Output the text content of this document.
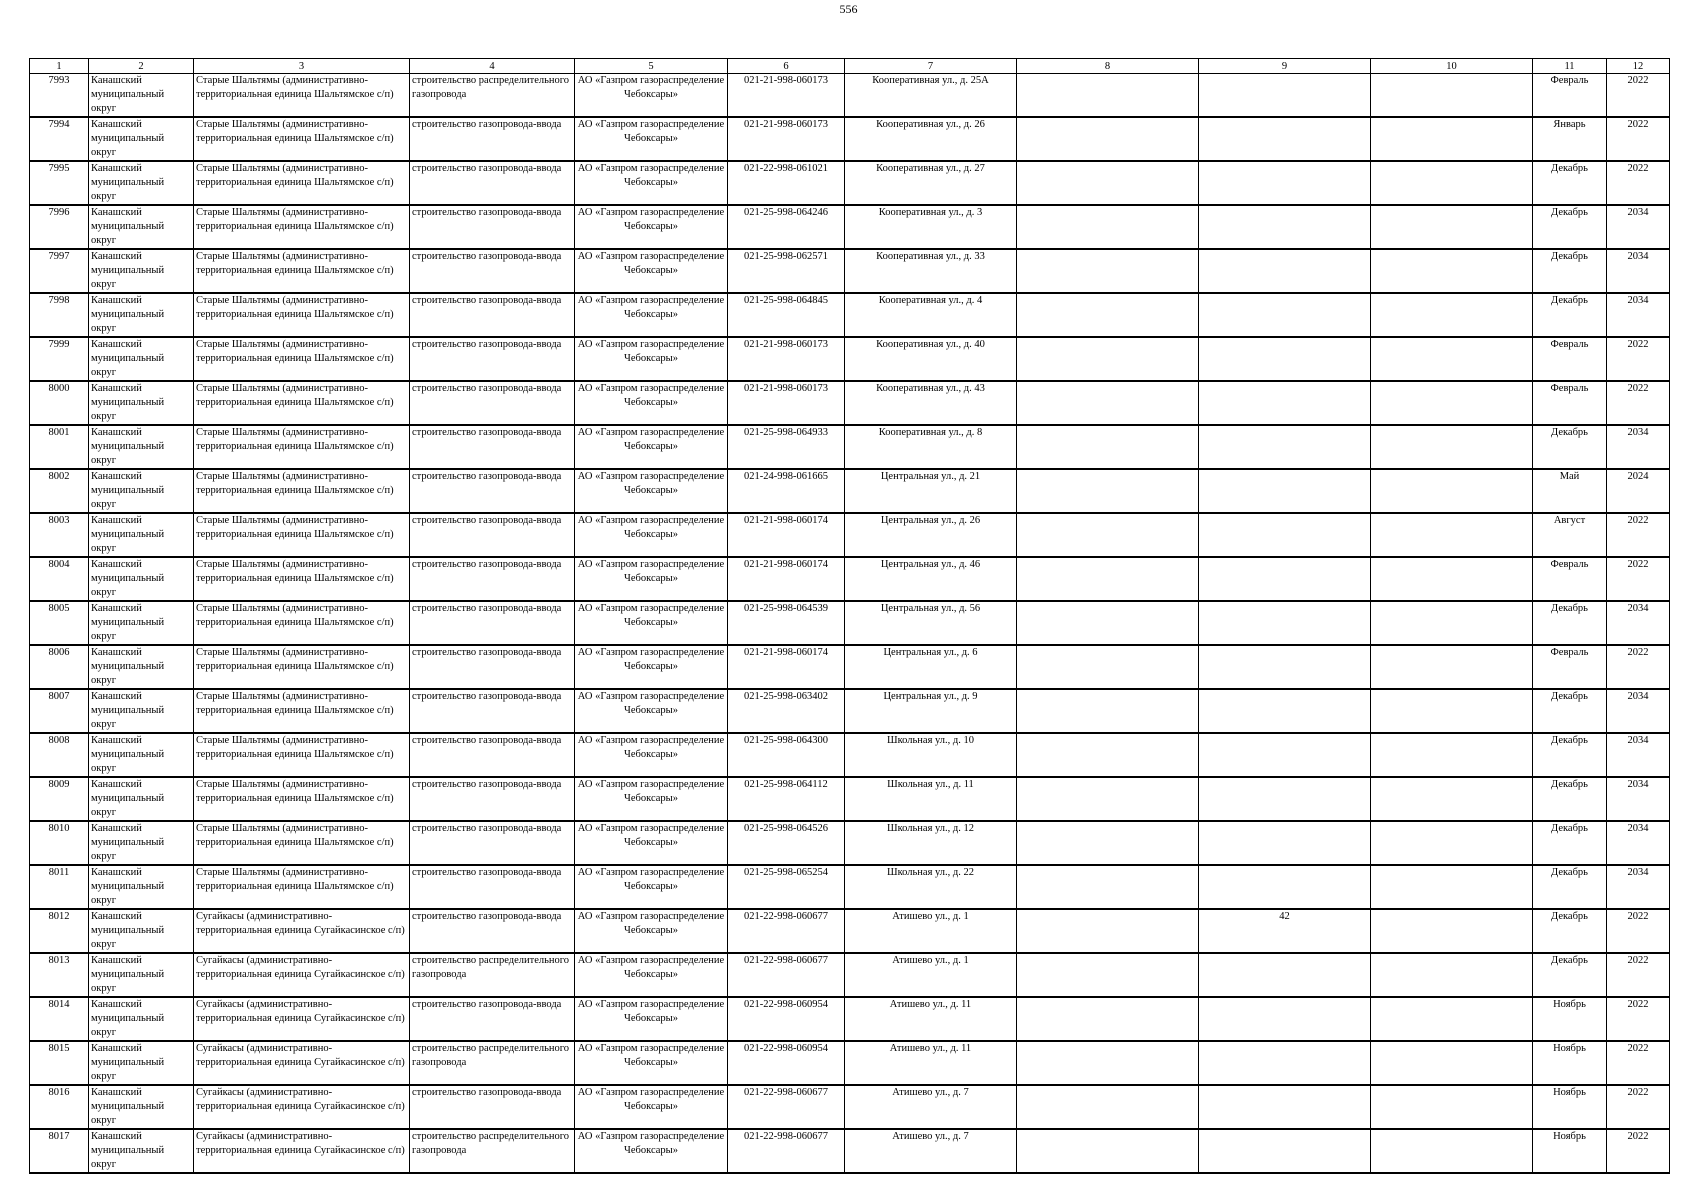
556
1	2	3	4	5	6	7	8	9	10	11	12
7993	Канашский муниципальный округ	Старые Шальтямы (административно-территориальная единица Шальтямское с/п)	строительство распределительного газопровода	АО «Газпром газораспределение Чебоксары»	021-21-998-060173	Кооперативная ул., д. 25А				Февраль	2022
7994	Канашский муниципальный округ	Старые Шальтямы (административно-территориальная единица Шальтямское с/п)	строительство газопровода-ввода	АО «Газпром газораспределение Чебоксары»	021-21-998-060173	Кооперативная ул., д. 26				Январь	2022
7995	Канашский муниципальный округ	Старые Шальтямы (административно-территориальная единица Шальтямское с/п)	строительство газопровода-ввода	АО «Газпром газораспределение Чебоксары»	021-22-998-061021	Кооперативная ул., д. 27				Декабрь	2022
7996	Канашский муниципальный округ	Старые Шальтямы (административно-территориальная единица Шальтямское с/п)	строительство газопровода-ввода	АО «Газпром газораспределение Чебоксары»	021-25-998-064246	Кооперативная ул., д. 3				Декабрь	2034
7997	Канашский муниципальный округ	Старые Шальтямы (административно-территориальная единица Шальтямское с/п)	строительство газопровода-ввода	АО «Газпром газораспределение Чебоксары»	021-25-998-062571	Кооперативная ул., д. 33				Декабрь	2034
7998	Канашский муниципальный округ	Старые Шальтямы (административно-территориальная единица Шальтямское с/п)	строительство газопровода-ввода	АО «Газпром газораспределение Чебоксары»	021-25-998-064845	Кооперативная ул., д. 4				Декабрь	2034
7999	Канашский муниципальный округ	Старые Шальтямы (административно-территориальная единица Шальтямское с/п)	строительство газопровода-ввода	АО «Газпром газораспределение Чебоксары»	021-21-998-060173	Кооперативная ул., д. 40				Февраль	2022
8000	Канашский муниципальный округ	Старые Шальтямы (административно-территориальная единица Шальтямское с/п)	строительство газопровода-ввода	АО «Газпром газораспределение Чебоксары»	021-21-998-060173	Кооперативная ул., д. 43				Февраль	2022
8001	Канашский муниципальный округ	Старые Шальтямы (административно-территориальная единица Шальтямское с/п)	строительство газопровода-ввода	АО «Газпром газораспределение Чебоксары»	021-25-998-064933	Кооперативная ул., д. 8				Декабрь	2034
8002	Канашский муниципальный округ	Старые Шальтямы (административно-территориальная единица Шальтямское с/п)	строительство газопровода-ввода	АО «Газпром газораспределение Чебоксары»	021-24-998-061665	Центральная ул., д. 21				Май	2024
8003	Канашский муниципальный округ	Старые Шальтямы (административно-территориальная единица Шальтямское с/п)	строительство газопровода-ввода	АО «Газпром газораспределение Чебоксары»	021-21-998-060174	Центральная ул., д. 26				Август	2022
8004	Канашский муниципальный округ	Старые Шальтямы (административно-территориальная единица Шальтямское с/п)	строительство газопровода-ввода	АО «Газпром газораспределение Чебоксары»	021-21-998-060174	Центральная ул., д. 46				Февраль	2022
8005	Канашский муниципальный округ	Старые Шальтямы (административно-территориальная единица Шальтямское с/п)	строительство газопровода-ввода	АО «Газпром газораспределение Чебоксары»	021-25-998-064539	Центральная ул., д. 56				Декабрь	2034
8006	Канашский муниципальный округ	Старые Шальтямы (административно-территориальная единица Шальтямское с/п)	строительство газопровода-ввода	АО «Газпром газораспределение Чебоксары»	021-21-998-060174	Центральная ул., д. 6				Февраль	2022
8007	Канашский муниципальный округ	Старые Шальтямы (административно-территориальная единица Шальтямское с/п)	строительство газопровода-ввода	АО «Газпром газораспределение Чебоксары»	021-25-998-063402	Центральная ул., д. 9				Декабрь	2034
8008	Канашский муниципальный округ	Старые Шальтямы (административно-территориальная единица Шальтямское с/п)	строительство газопровода-ввода	АО «Газпром газораспределение Чебоксары»	021-25-998-064300	Школьная ул., д. 10				Декабрь	2034
8009	Канашский муниципальный округ	Старые Шальтямы (административно-территориальная единица Шальтямское с/п)	строительство газопровода-ввода	АО «Газпром газораспределение Чебоксары»	021-25-998-064112	Школьная ул., д. 11				Декабрь	2034
8010	Канашский муниципальный округ	Старые Шальтямы (административно-территориальная единица Шальтямское с/п)	строительство газопровода-ввода	АО «Газпром газораспределение Чебоксары»	021-25-998-064526	Школьная ул., д. 12				Декабрь	2034
8011	Канашский муниципальный округ	Старые Шальтямы (административно-территориальная единица Шальтямское с/п)	строительство газопровода-ввода	АО «Газпром газораспределение Чебоксары»	021-25-998-065254	Школьная ул., д. 22				Декабрь	2034
8012	Канашский муниципальный округ	Сугайкасы (административно-территориальная единица Сугайкасинское с/п)	строительство газопровода-ввода	АО «Газпром газораспределение Чебоксары»	021-22-998-060677	Атишево ул., д. 1		42		Декабрь	2022
8013	Канашский муниципальный округ	Сугайкасы (административно-территориальная единица Сугайкасинское с/п)	строительство распределительного газопровода	АО «Газпром газораспределение Чебоксары»	021-22-998-060677	Атишево ул., д. 1				Декабрь	2022
8014	Канашский муниципальный округ	Сугайкасы (административно-территориальная единица Сугайкасинское с/п)	строительство газопровода-ввода	АО «Газпром газораспределение Чебоксары»	021-22-998-060954	Атишево ул., д. 11				Ноябрь	2022
8015	Канашский муниципальный округ	Сугайкасы (административно-территориальная единица Сугайкасинское с/п)	строительство распределительного газопровода	АО «Газпром газораспределение Чебоксары»	021-22-998-060954	Атишево ул., д. 11				Ноябрь	2022
8016	Канашский муниципальный округ	Сугайкасы (административно-территориальная единица Сугайкасинское с/п)	строительство газопровода-ввода	АО «Газпром газораспределение Чебоксары»	021-22-998-060677	Атишево ул., д. 7				Ноябрь	2022
8017	Канашский муниципальный округ	Сугайкасы (административно-территориальная единица Сугайкасинское с/п)	строительство распределительного газопровода	АО «Газпром газораспределение Чебоксары»	021-22-998-060677	Атишево ул., д. 7				Ноябрь	2022
